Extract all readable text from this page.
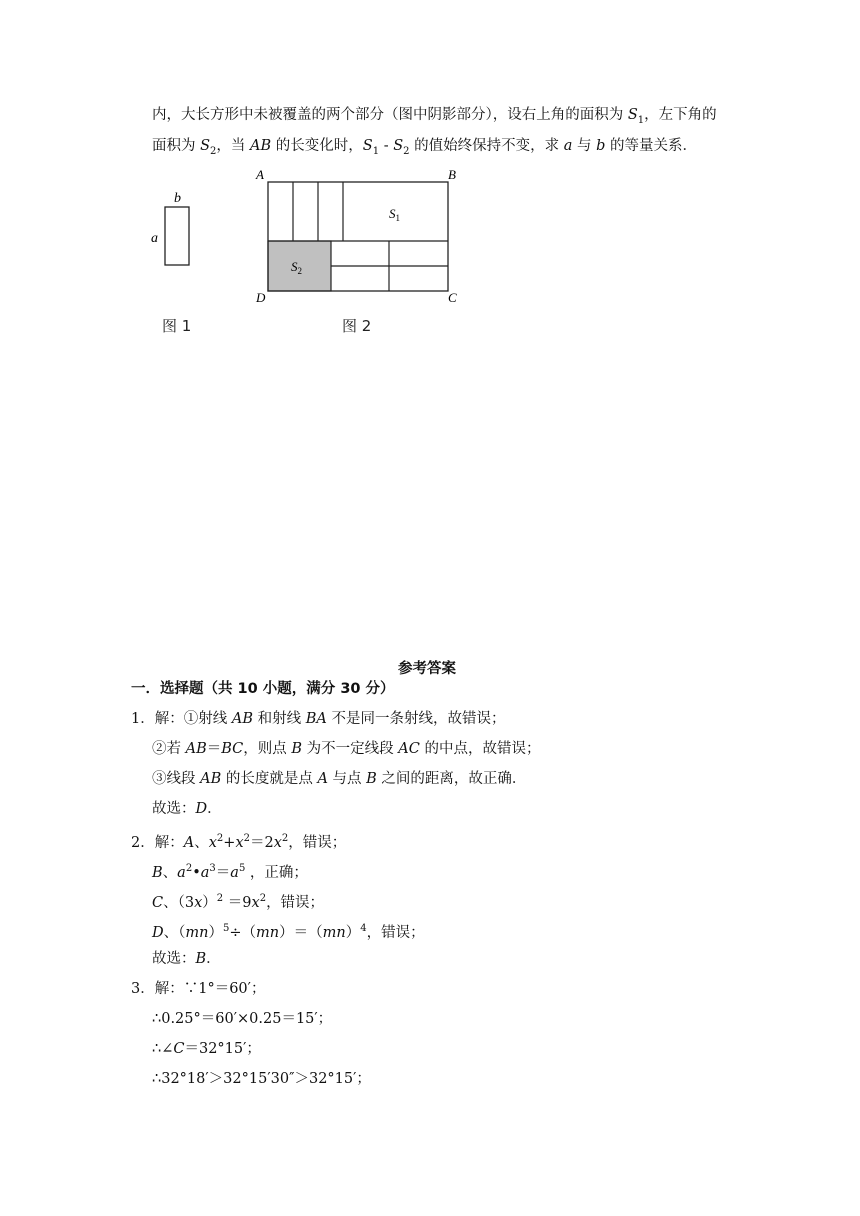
内，大长方形中未被覆盖的两个部分（图中阴影部分），设右上角的面积为 $S_1$，左下角的
面积为 $S_2$，当 AB 的长变化时，$S_1 - S_2$ 的值始终保持不变，求 a 与 b 的等量关系．
b
a
图 1
A	B
D	C
$S_1$
$S_2$
图 2
参考答案
一．选择题（共 10 小题，满分 30 分）
1．解：①射线 AB 和射线 BA 不是同一条射线，故错误；
②若 AB＝BC，则点 B 为不一定线段 AC 的中点，故错误；
③线段 AB 的长度就是点 A 与点 B 之间的距离，故正确．
故选：D．
2．解：A、$x^2+x^2=2x^2$，错误；
B、$a^2•a^3=a^5$ ，正确；
C、$(3x)^2 =9x^2$，错误；
D、（mn）$^5$÷（mn）＝（mn）$^4$，错误；
故选：B．
3．解：∵1°＝60′；
∴0.25°＝60′×0.25＝15′；
∴∠C＝32°15′；
∴32°18′＞32°15′30″＞32°15′；
